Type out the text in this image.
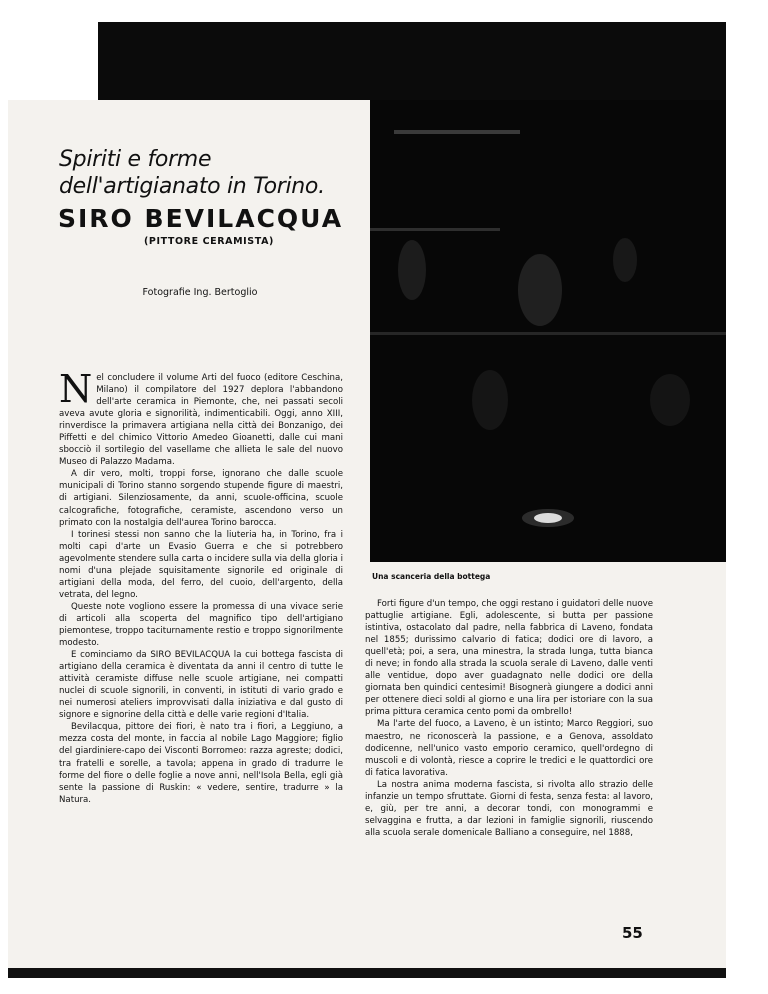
Spiriti e forme
dell'artigianato in Torino.
SIRO BEVILACQUA
(PITTORE CERAMISTA)
Fotografie Ing. Bertoglio

Nel concludere il volume Arti del fuoco (editore Ceschina, Milano) il compilatore del 1927 deplora l'abbandono dell'arte ceramica in Piemonte, che, nei passati secoli aveva avute gloria e signorilità, indimenticabili. Oggi, anno XIII, rinverdisce la primavera artigiana nella città dei Bonzanigo, dei Piffetti e del chimico Vittorio Amedeo Gioanetti, dalle cui mani sbocciò il sortilegio del vasellame che allieta le sale del nuovo Museo di Palazzo Madama.

A dir vero, molti, troppi forse, ignorano che dalle scuole municipali di Torino stanno sorgendo stupende figure di maestri, di artigiani. Silenziosamente, da anni, scuole-officina, scuole calcografiche, fotografiche, ceramiste, ascendono verso un primato con la nostalgia dell'aurea Torino barocca.

I torinesi stessi non sanno che la liuteria ha, in Torino, fra i molti capi d'arte un Evasio Guerra e che si potrebbero agevolmente stendere sulla carta o incidere sulla via della gloria i nomi d'una plejade squisitamente signorile ed originale di artigiani della moda, del ferro, del cuoio, dell'argento, della vetrata, del legno.

Queste note vogliono essere la promessa di una vivace serie di articoli alla scoperta del magnifico tipo dell'artigiano piemontese, troppo taciturnamente restio e troppo signorilmente modesto.

E cominciamo da SIRO BEVILACQUA la cui bottega fascista di artigiano della ceramica è diventata da anni il centro di tutte le attività ceramiste diffuse nelle scuole artigiane, nei compatti nuclei di scuole signorili, in conventi, in istituti di vario grado e nei numerosi ateliers improvvisati dalla iniziativa e dal gusto di signore e signorine della città e delle varie regioni d'Italia.

Bevilacqua, pittore dei fiori, è nato tra i fiori, a Leggiuno, a mezza costa del monte, in faccia al nobile Lago Maggiore; figlio del giardiniere-capo dei Visconti Borromeo: razza agreste; dodici, tra fratelli e sorelle, a tavola; appena in grado di tradurre le forme del fiore o delle foglie a nove anni, nell'Isola Bella, egli già sente la passione di Ruskin: « vedere, sentire, tradurre » la Natura.

Una scanceria della bottega

Forti figure d'un tempo, che oggi restano i guidatori delle nuove pattuglie artigiane. Egli, adolescente, si butta per passione istintiva, ostacolato dal padre, nella fabbrica di Laveno, fondata nel 1855; durissimo calvario di fatica; dodici ore di lavoro, a quell'età; poi, a sera, una minestra, la strada lunga, tutta bianca di neve; in fondo alla strada la scuola serale di Laveno, dalle venti alle ventidue, dopo aver guadagnato nelle dodici ore della giornata ben quindici centesimi! Bisognerà giungere a dodici anni per ottenere dieci soldi al giorno e una lira per istoriare con la sua prima pittura ceramica cento pomi da ombrello!

Ma l'arte del fuoco, a Laveno, è un istinto; Marco Reggiori, suo maestro, ne riconoscerà la passione, e a Genova, assoldato dodicenne, nell'unico vasto emporio ceramico, quell'ordegno di muscoli e di volontà, riesce a coprire le tredici e le quattordici ore di fatica lavorativa.

La nostra anima moderna fascista, si rivolta allo strazio delle infanzie un tempo sfruttate. Giorni di festa, senza festa: al lavoro, e, giù, per tre anni, a decorar tondi, con monogrammi e selvaggina e frutta, a dar lezioni in famiglie signorili, riuscendo alla scuola serale domenicale Balliano a conseguire, nel 1888,

55
